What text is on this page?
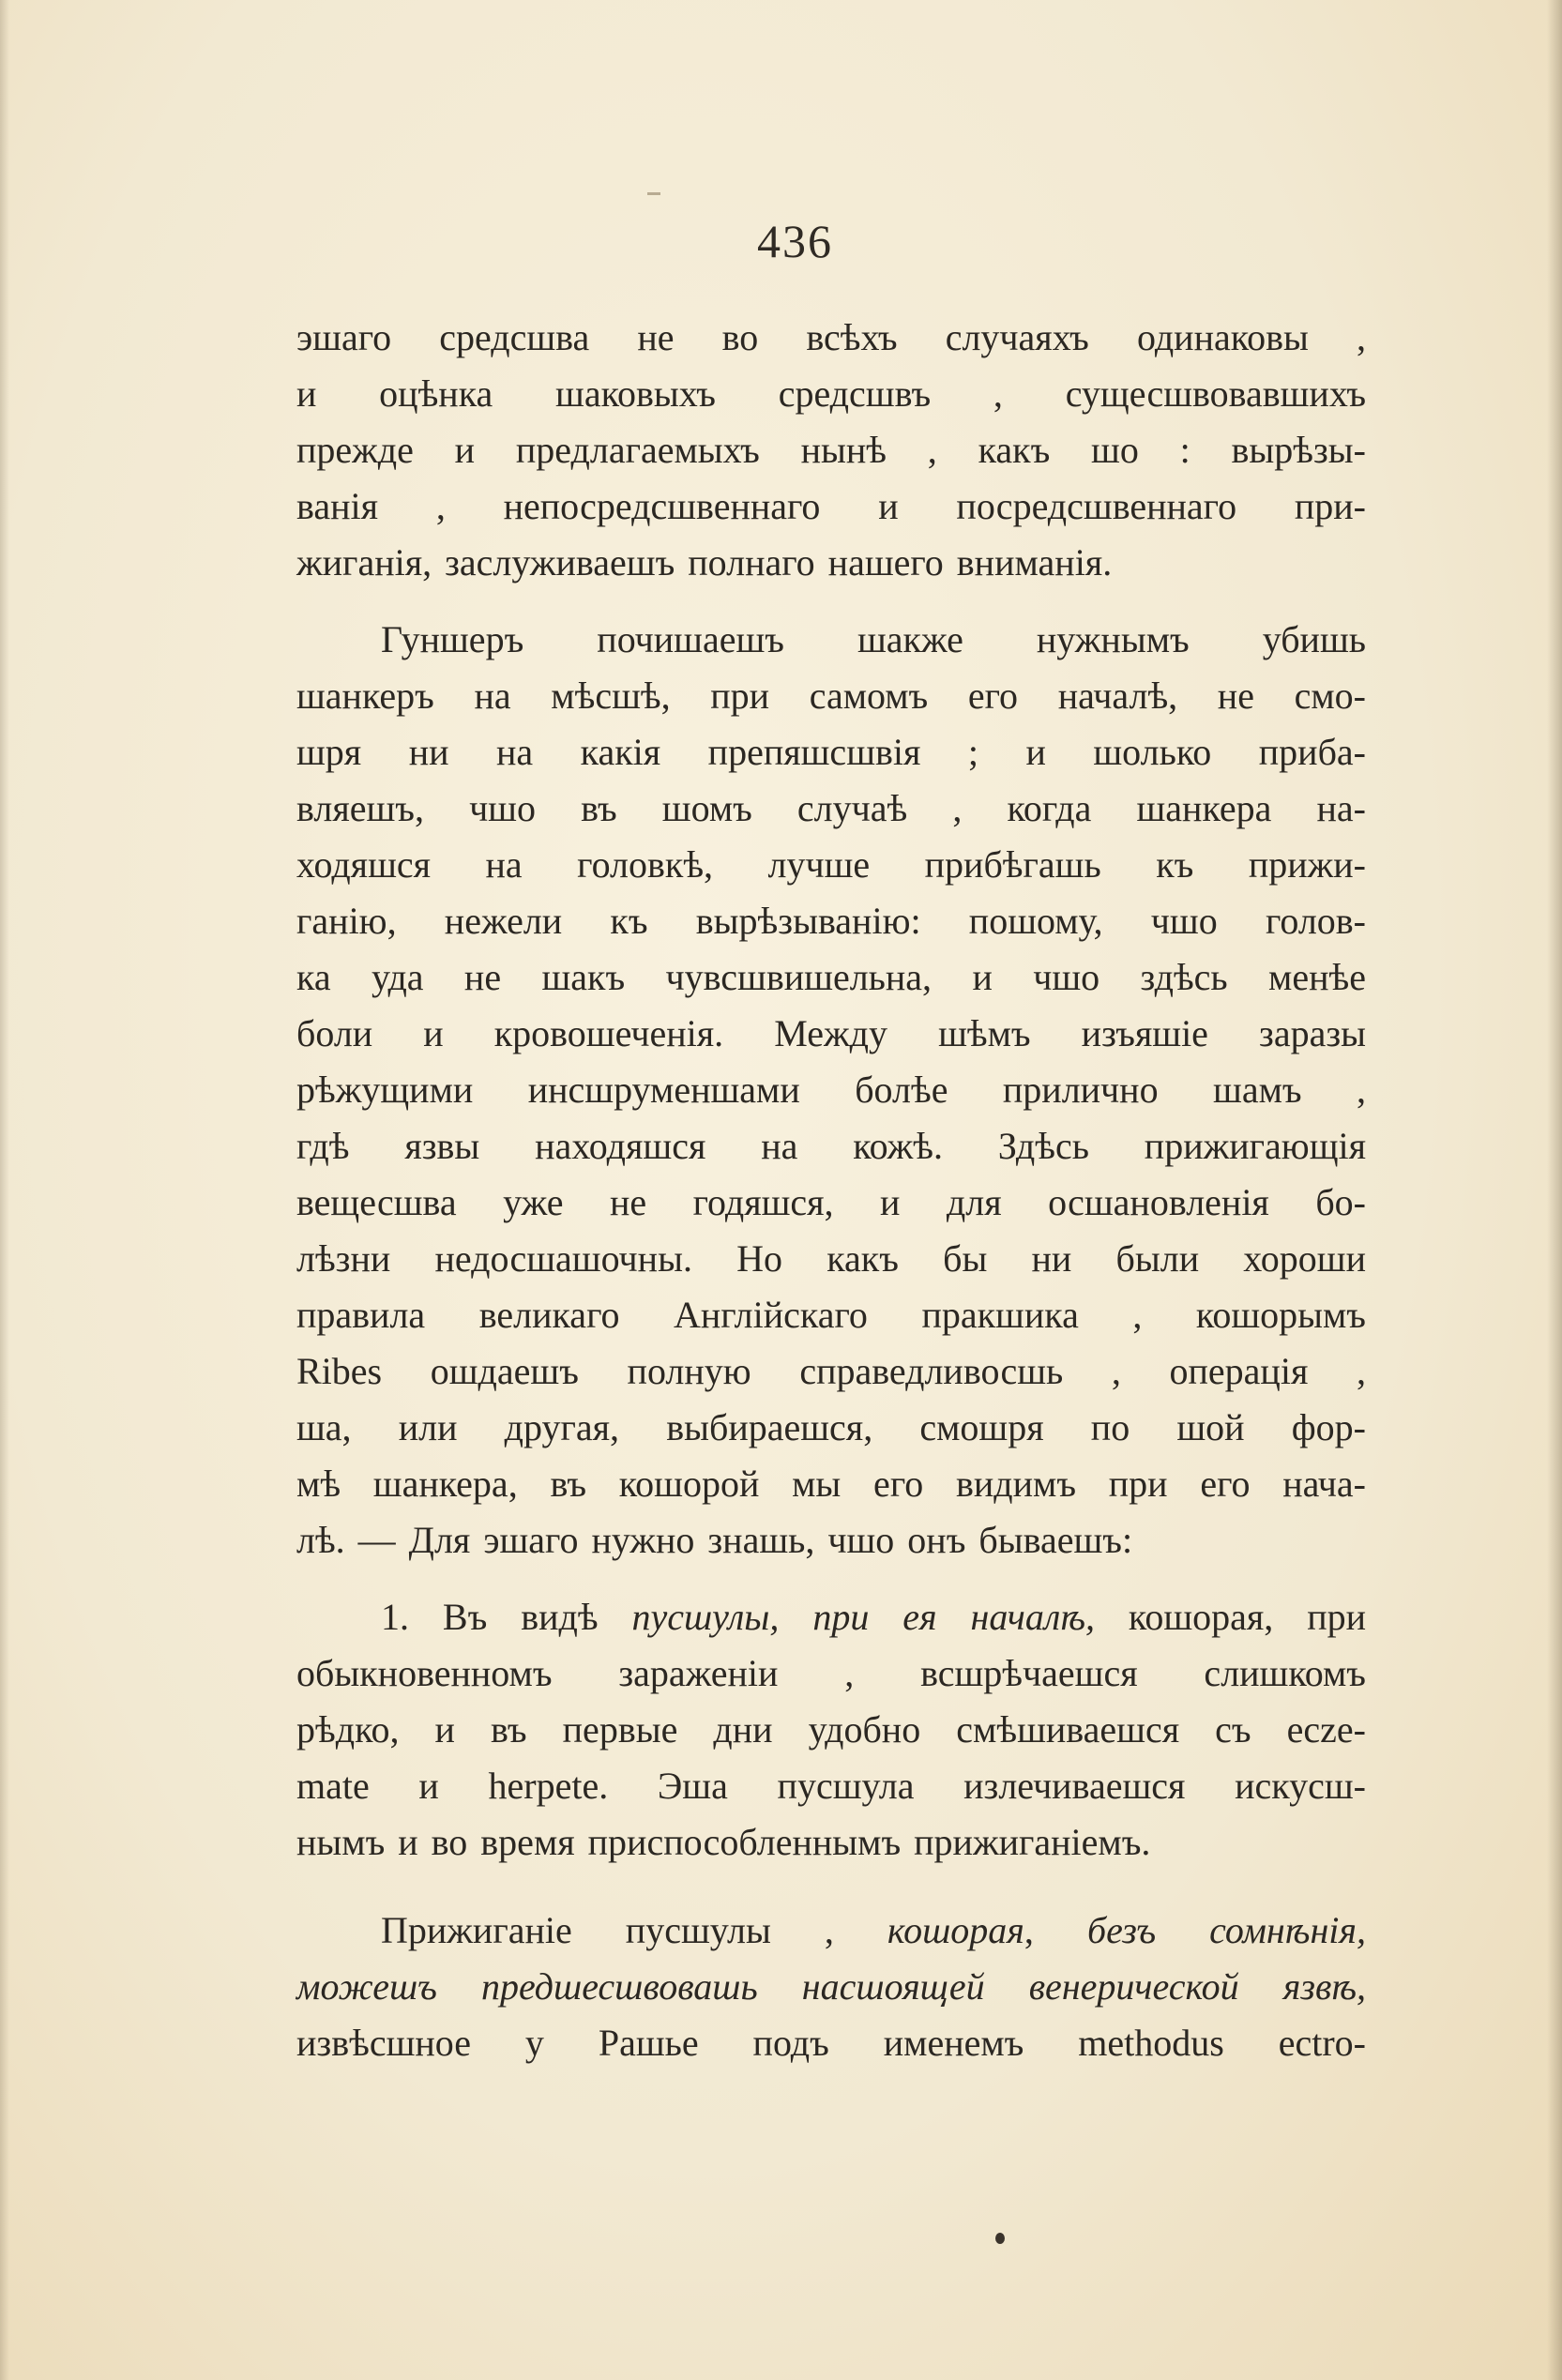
436
эшаго средсшва не во всѣхъ случаяхъ одинаковы ,
и оцѣнка шаковыхъ средсшвъ , сущесшвовавшихъ
прежде и предлагаемыхъ нынѣ , какъ шо : вырѣзы-
ванія , непосредсшвеннаго и посредсшвеннаго при-
жиганія, заслуживаешъ полнаго нашего вниманія.
Гуншеръ почишаешъ шакже нужнымъ убишь
шанкеръ на мѣсшѣ, при самомъ его началѣ, не смо-
шря ни на какія препяшсшвія ; и шолько приба-
вляешъ, чшо въ шомъ случаѣ , когда шанкера на-
ходяшся на головкѣ, лучше прибѣгашь къ прижи-
ганію, нежели къ вырѣзыванію: пошому, чшо голов-
ка уда не шакъ чувсшвишельна, и чшо здѣсь менѣе
боли и кровошеченія. Между шѣмъ изъяшіе заразы
рѣжущими инсшруменшами болѣе прилично шамъ ,
гдѣ язвы находяшся на кожѣ. Здѣсь прижигающія
вещесшва уже не годяшся, и для осшановленія бо-
лѣзни недосшашочны. Но какъ бы ни были хороши
правила великаго Англійскаго пракшика , кошорымъ
Ribes ошдаешъ полную справедливосшь , операція ,
ша, или другая, выбираешся, смошря по шой фор-
мѣ шанкера, въ кошорой мы его видимъ при его нача-
лѣ. — Для эшаго нужно знашь, чшо онъ бываешъ:
1. Въ видѣ пусшулы, при ея началѣ, кошорая, при
обыкновенномъ зараженіи , всшрѣчаешся слишкомъ
рѣдко, и въ первые дни удобно смѣшиваешся съ ecze-
mate и herpete. Эша пусшула излечиваешся искусш-
нымъ и во время приспособленнымъ прижиганіемъ.
Прижиганіе пусшулы , кошорая, безъ сомнѣнія,
можешъ предшесшвовашь насшоящей венерической язвѣ,
извѣсшное у Рашье подъ именемъ methodus ectro-
